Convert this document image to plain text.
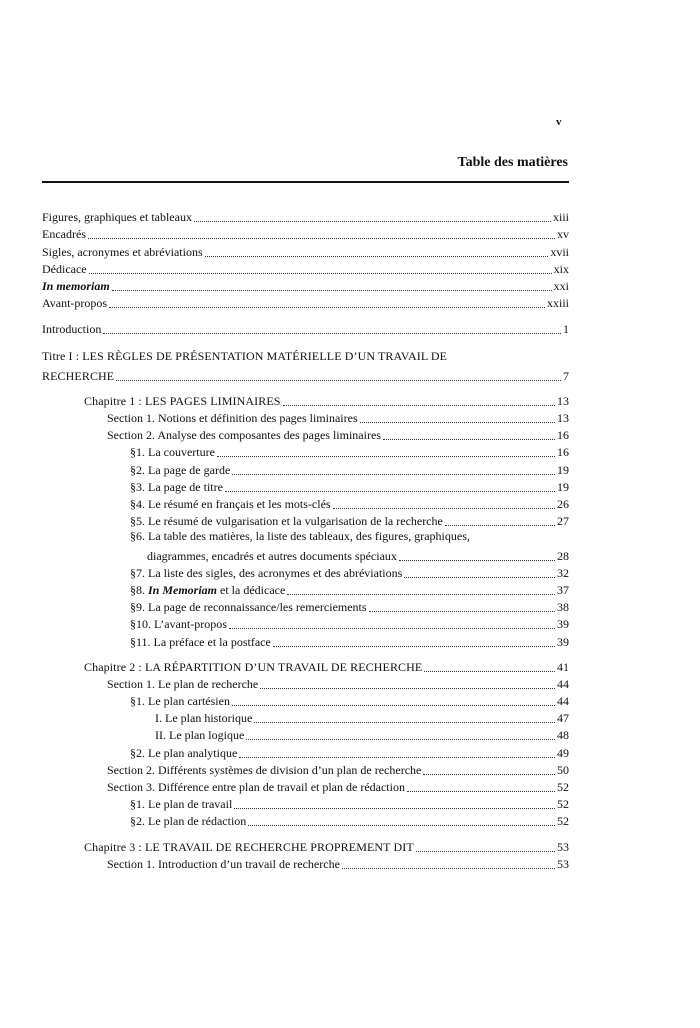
v
Table des matières
Figures, graphiques et tableaux	xiii
Encadrés	xv
Sigles, acronymes et abréviations	xvii
Dédicace	xix
In memoriam	xxi
Avant-propos	xxiii
Introduction	1
Titre I : LES RÈGLES DE PRÉSENTATION MATÉRIELLE D’UN TRAVAIL DE
RECHERCHE	7
Chapitre 1 : LES PAGES LIMINAIRES	13
Section 1. Notions et définition des pages liminaires	13
Section 2. Analyse des composantes des pages liminaires	16
§1. La couverture	16
§2. La page de garde	19
§3. La page de titre	19
§4. Le résumé en français et les mots-clés	26
§5. Le résumé de vulgarisation et la vulgarisation de la recherche	27
§6. La table des matières, la liste des tableaux, des figures, graphiques,
diagrammes, encadrés et autres documents spéciaux	28
§7. La liste des sigles, des acronymes et des abréviations	32
§8. In Memoriam et la dédicace	37
§9. La page de reconnaissance/les remerciements	38
§10. L’avant-propos	39
§11. La préface et la postface	39
Chapitre 2 : LA RÉPARTITION D’UN TRAVAIL DE RECHERCHE	41
Section 1. Le plan de recherche	44
§1. Le plan cartésien	44
I. Le plan historique	47
II. Le plan logique	48
§2. Le plan analytique	49
Section 2. Différents systèmes de division d’un plan de recherche	50
Section 3. Différence entre plan de travail et plan de rédaction	52
§1. Le plan de travail	52
§2. Le plan de rédaction	52
Chapitre 3 : LE TRAVAIL DE RECHERCHE PROPREMENT DIT	53
Section 1. Introduction d’un travail de recherche	53
